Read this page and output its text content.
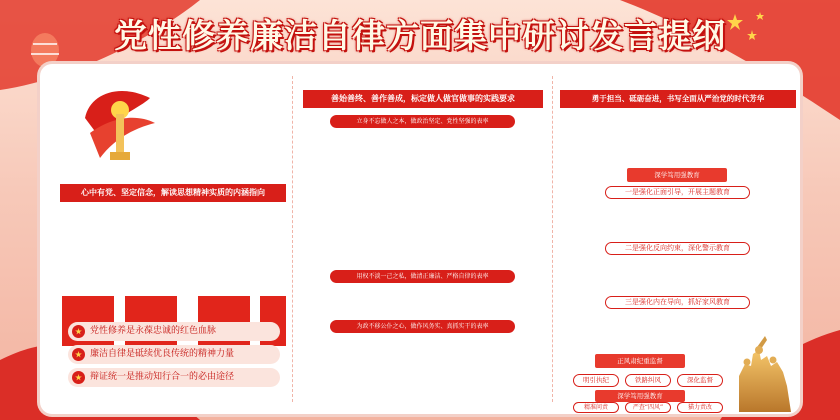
党性修养廉洁自律方面集中研讨发言提纲
心中有党、坚定信念，解读思想精神实质的内涵指向
党性修养是永葆忠诚的红色血脉
廉洁自律是砥续优良传统的精神力量
辩证统一是推动知行合一的必由途径
善始善终、善作善成，标定做人做官做事的实践要求
立身不忘做人之本，做政治坚定、党性坚强的表率
用权不淡一己之私，做清正廉洁、严格自律的表率
为政不移公仆之心，做作风务实、真抓实干的表率
勇于担当、砥砺奋进，书写全面从严治党的时代芳华
深学笃用强教育
一是强化正面引导，开展主题教育
二是强化反向约束，深化警示教育
三是强化内在导向，抓好家风教育
正风肃纪重监督
明引执纪	铁路纠风	深化监督
深学笃用强教育
精准问责	严查“四风”	猫力责改
